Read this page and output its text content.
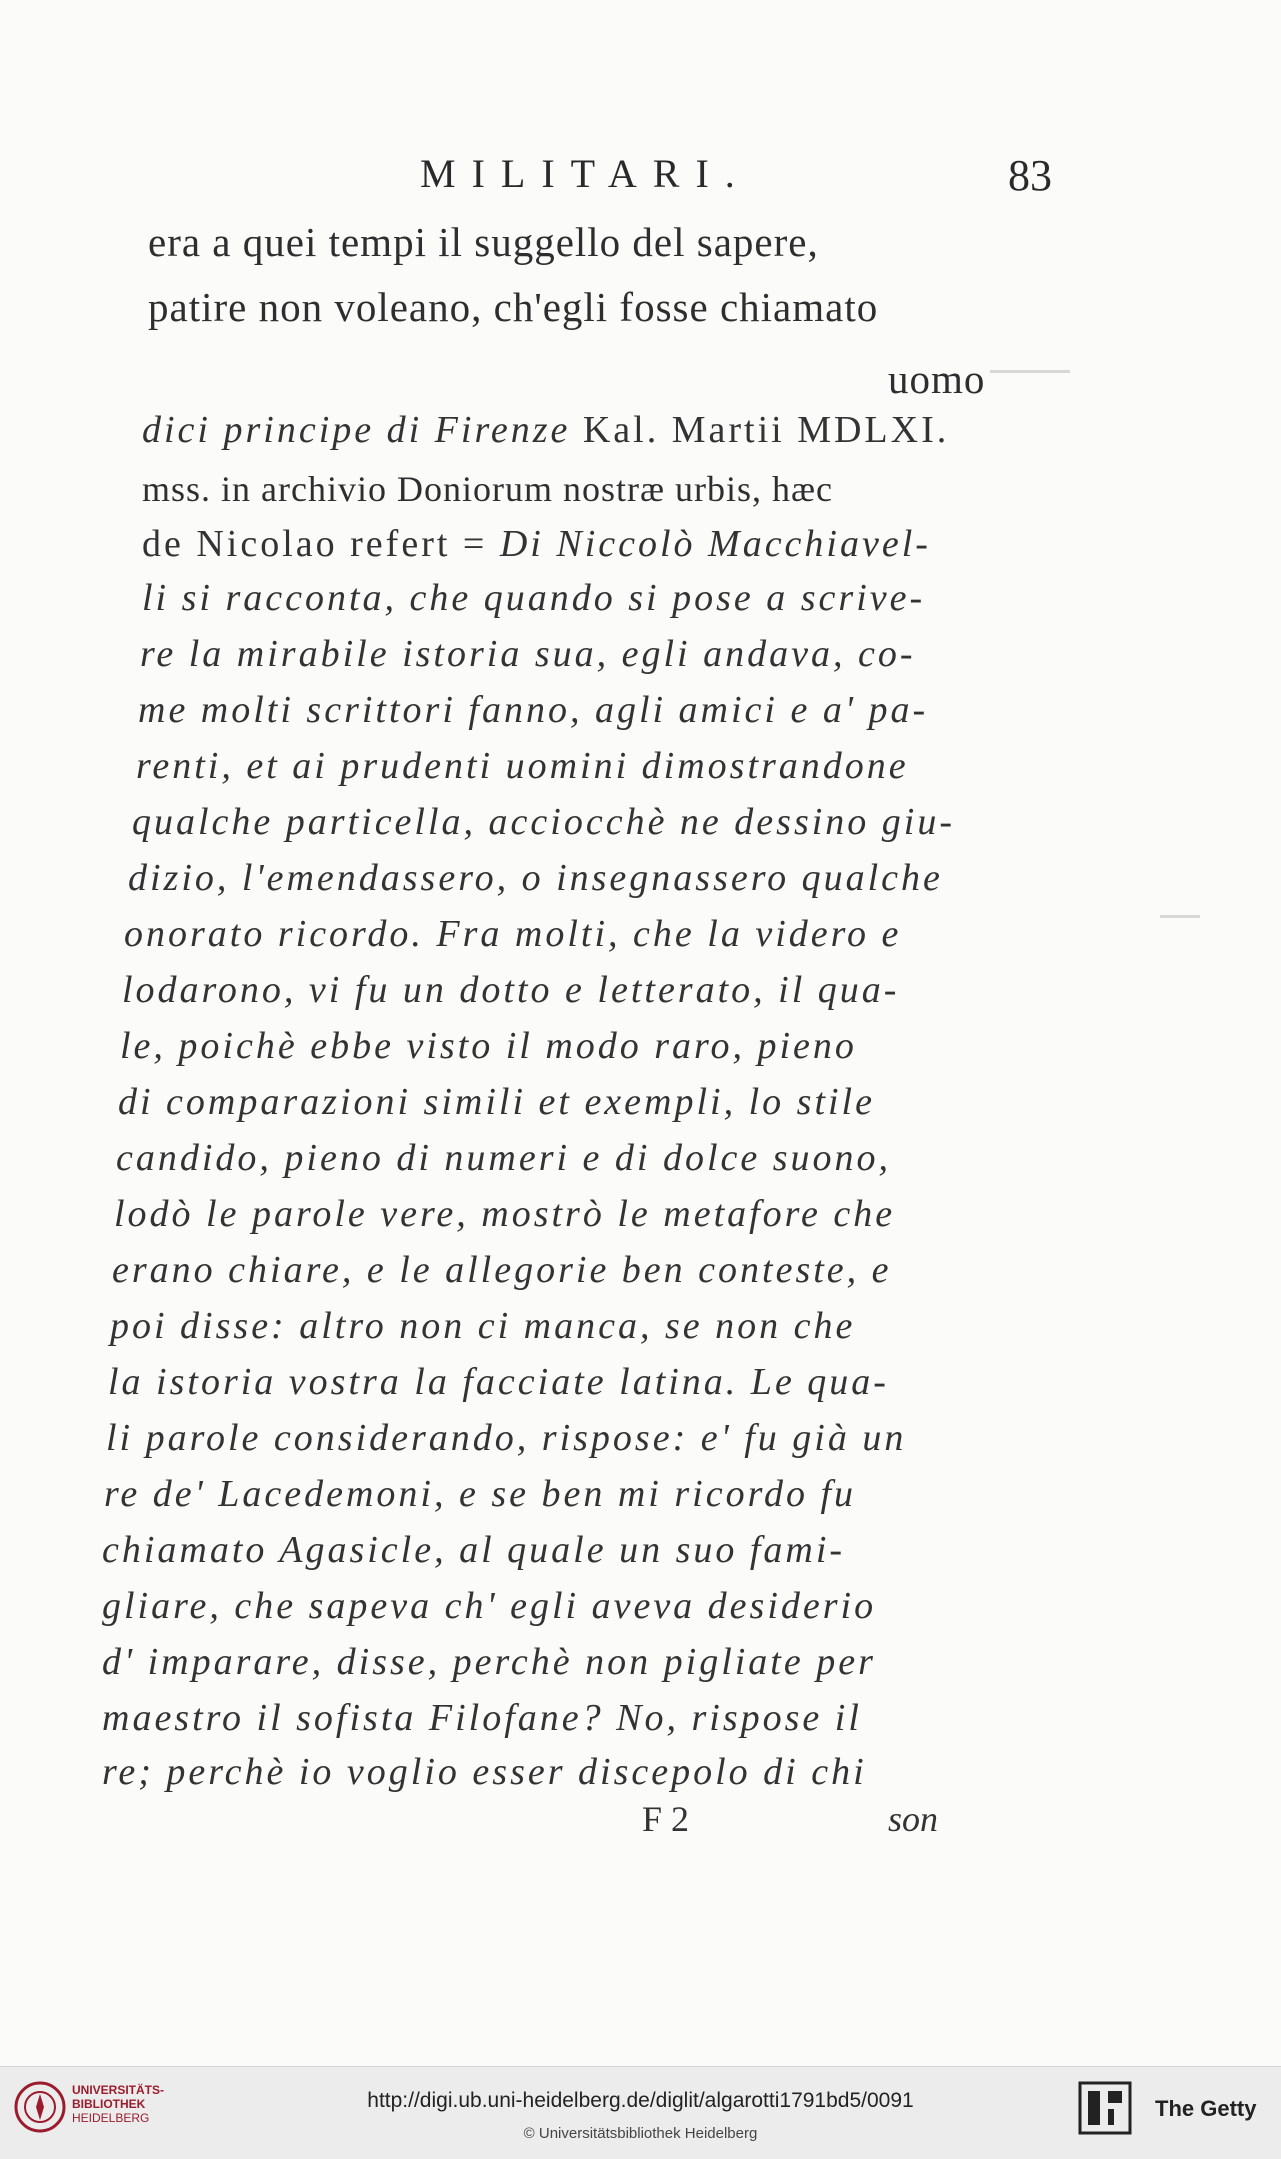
MILITARI.	83
era a quei tempi il suggello del sapere,
patire non voleano, ch'egli fosse chiamato
uomo
dici principe di Firenze Kal. Martii MDLXI.
mss. in archivio Doniorum nostræ urbis, hæc
de Nicolao refert = Di Niccolò Macchiavel-
li si racconta, che quando si pose a scrive-
re la mirabile istoria sua, egli andava, co-
me molti scrittori fanno, agli amici e a' pa-
renti, et ai prudenti uomini dimostrandone
qualche particella, acciocchè ne dessino giu-
dizio, l'emendassero, o insegnassero qualche
onorato ricordo. Fra molti, che la videro e
lodarono, vi fu un dotto e letterato, il qua-
le, poichè ebbe visto il modo raro, pieno
di comparazioni simili et exempli, lo stile
candido, pieno di numeri e di dolce suono,
lodò le parole vere, mostrò le metafore che
erano chiare, e le allegorie ben conteste, e
poi disse: altro non ci manca, se non che
la istoria vostra la facciate latina. Le qua-
li parole considerando, rispose: e' fu già un
re de' Lacedemoni, e se ben mi ricordo fu
chiamato Agasicle, al quale un suo fami-
gliare, che sapeva ch' egli aveva desiderio
d' imparare, disse, perchè non pigliate per
maestro il sofista Filofane? No, rispose il
re; perchè io voglio esser discepolo di chi
F 2	son
UNIVERSITÄTS-
BIBLIOTHEK
HEIDELBERG
http://digi.ub.uni-heidelberg.de/diglit/algarotti1791bd5/0091
© Universitätsbibliothek Heidelberg
The Getty
